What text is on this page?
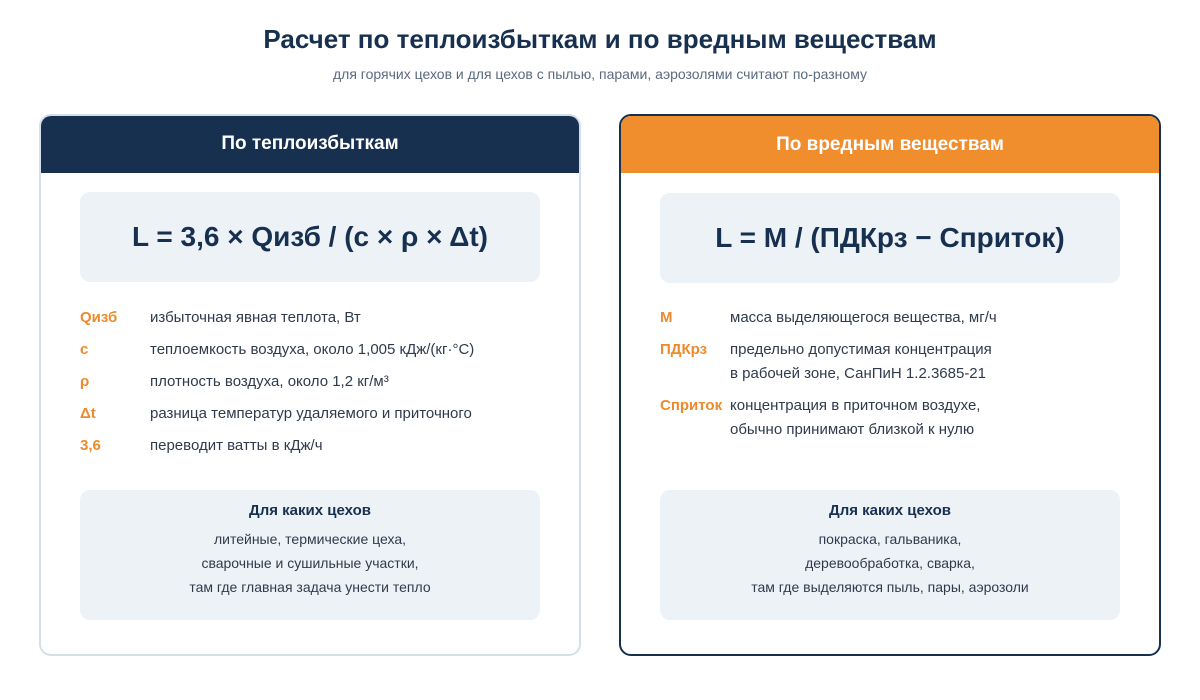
Расчет по теплоизбыткам и по вредным веществам
для горячих цехов и для цехов с пылью, парами, аэрозолями считают по-разному
По теплоизбыткам
L = 3,6 × Qизб / (c × ρ × Δt)
Qизб	избыточная явная теплота, Вт
c	теплоемкость воздуха, около 1,005 кДж/(кг·°C)
ρ	плотность воздуха, около 1,2 кг/м³
Δt	разница температур удаляемого и приточного
3,6	переводит ватты в кДж/ч
Для каких цехов
литейные, термические цеха,
сварочные и сушильные участки,
там где главная задача унести тепло
По вредным веществам
L = M / (ПДКрз − Сприток)
M	масса выделяющегося вещества, мг/ч
ПДКрз	предельно допустимая концентрация
в рабочей зоне, СанПиН 1.2.3685-21
Сприток концентрация в приточном воздухе,
обычно принимают близкой к нулю
Для каких цехов
покраска, гальваника,
деревообработка, сварка,
там где выделяются пыль, пары, аэрозоли
